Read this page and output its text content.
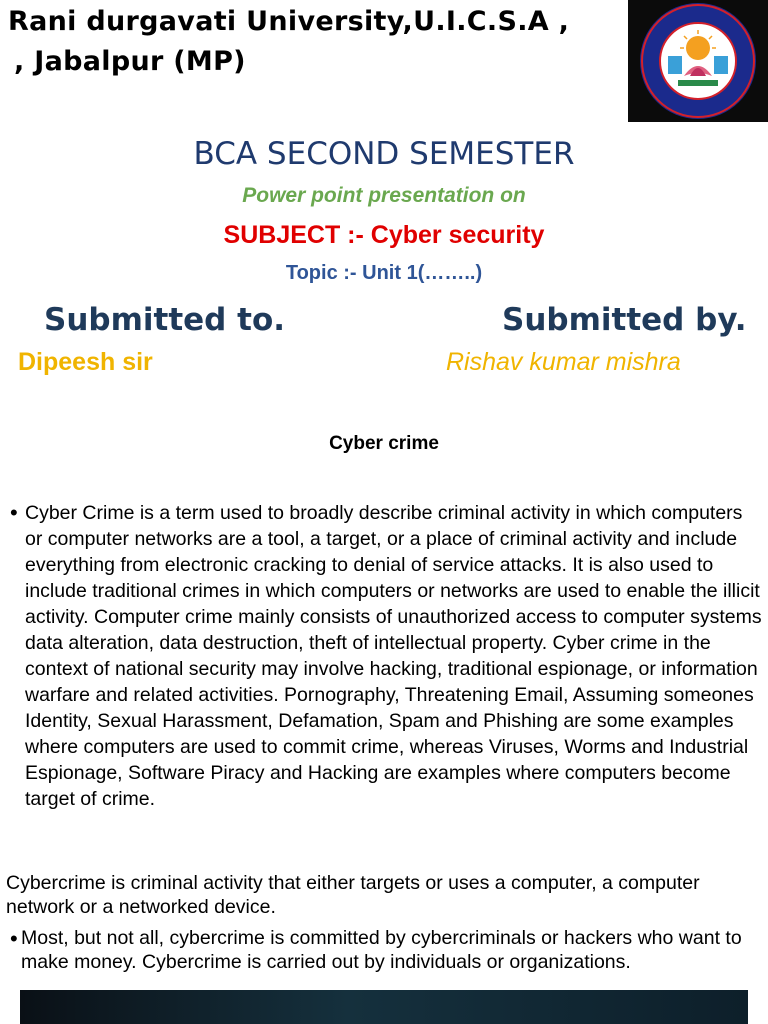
Rani durgavati University,U.I.C.S.A ,
, Jabalpur (MP)
BCA SECOND SEMESTER
Power point presentation on
SUBJECT :- Cyber security
Topic :- Unit 1(……..)
Submitted to.	Submitted by.
Dipeesh sir	Rishav kumar mishra
Cyber crime
• Cyber Crime is a term used to broadly describe criminal activity in which computers or computer networks are a tool, a target, or a place of criminal activity and include everything from electronic cracking to denial of service attacks. It is also used to include traditional crimes in which computers or networks are used to enable the illicit activity. Computer crime mainly consists of unauthorized access to computer systems data alteration, data destruction, theft of intellectual property. Cyber crime in the context of national security may involve hacking, traditional espionage, or information warfare and related activities. Pornography, Threatening Email, Assuming someones Identity, Sexual Harassment, Defamation, Spam and Phishing are some examples where computers are used to commit crime, whereas Viruses, Worms and Industrial Espionage, Software Piracy and Hacking are examples where computers become target of crime.
Cybercrime is criminal activity that either targets or uses a computer, a computer network or a networked device.
• Most, but not all, cybercrime is committed by cybercriminals or hackers who want to make money. Cybercrime is carried out by individuals or organizations.
